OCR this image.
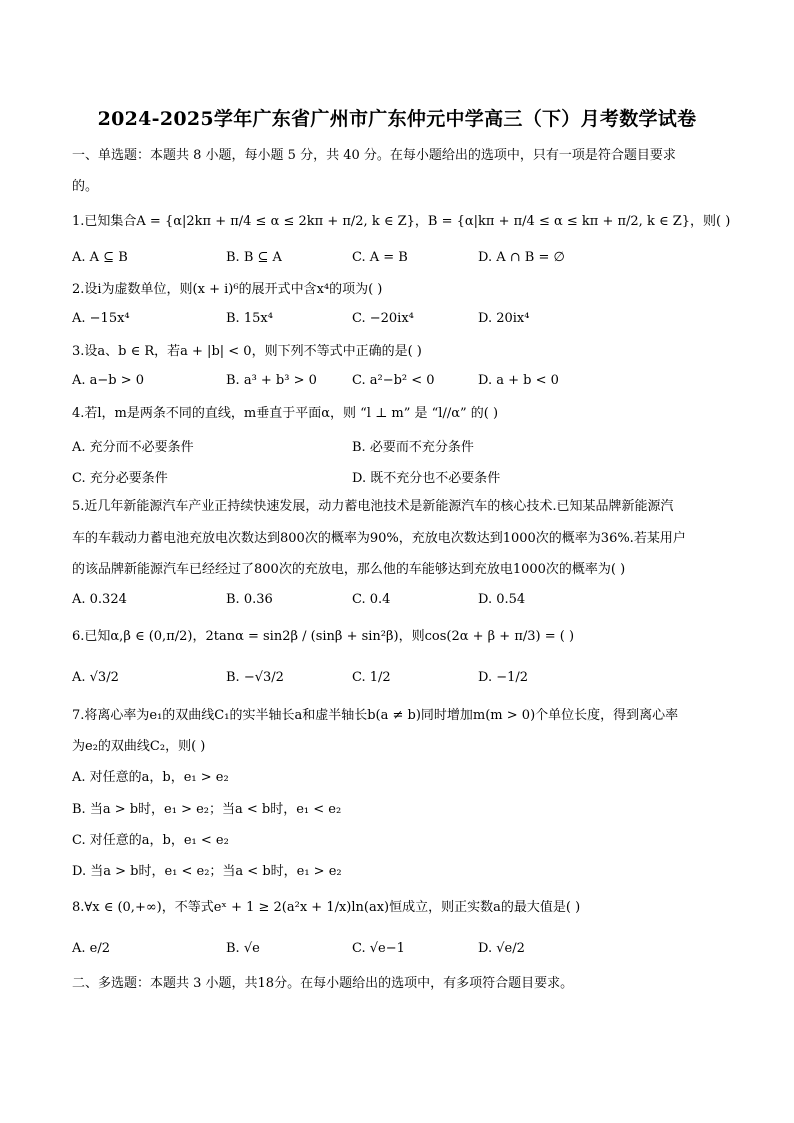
2024-2025学年广东省广州市广东仲元中学高三（下）月考数学试卷
一、单选题：本题共 8 小题，每小题 5 分，共 40 分。在每小题给出的选项中，只有一项是符合题目要求
的。
1.已知集合A = {α|2kπ + π/4 ≤ α ≤ 2kπ + π/2, k ∈ Z}，B = {α|kπ + π/4 ≤ α ≤ kπ + π/2, k ∈ Z}，则( )
A. A ⊆ B	B. B ⊆ A	C. A = B	D. A ∩ B = ∅
2.设i为虚数单位，则(x + i)⁶的展开式中含x⁴的项为( )
A. −15x⁴	B. 15x⁴	C. −20ix⁴	D. 20ix⁴
3.设a、b ∈ R，若a + |b| < 0，则下列不等式中正确的是( )
A. a−b > 0	B. a³ + b³ > 0	C. a²−b² < 0	D. a + b < 0
4.若l，m是两条不同的直线，m垂直于平面α，则 “l ⊥ m” 是 “l//α” 的( )
A. 充分而不必要条件	B. 必要而不充分条件
C. 充分必要条件	D. 既不充分也不必要条件
5.近几年新能源汽车产业正持续快速发展，动力蓄电池技术是新能源汽车的核心技术.已知某品牌新能源汽
车的车载动力蓄电池充放电次数达到800次的概率为90%，充放电次数达到1000次的概率为36%.若某用户
的该品牌新能源汽车已经经过了800次的充放电，那么他的车能够达到充放电1000次的概率为( )
A. 0.324	B. 0.36	C. 0.4	D. 0.54
6.已知α,β ∈ (0,π/2)，2tanα = sin2β / (sinβ + sin²β)，则cos(2α + β + π/3) = ( )
A. √3/2	B. −√3/2	C. 1/2	D. −1/2
7.将离心率为e₁的双曲线C₁的实半轴长a和虚半轴长b(a ≠ b)同时增加m(m > 0)个单位长度，得到离心率
为e₂的双曲线C₂，则( )
A. 对任意的a，b，e₁ > e₂
B. 当a > b时，e₁ > e₂；当a < b时，e₁ < e₂
C. 对任意的a，b，e₁ < e₂
D. 当a > b时，e₁ < e₂；当a < b时，e₁ > e₂
8.∀x ∈ (0,+∞)，不等式eˣ + 1 ≥ 2(a²x + 1/x)ln(ax)恒成立，则正实数a的最大值是( )
A. e/2	B. √e	C. √e−1	D. √e/2
二、多选题：本题共 3 小题，共18分。在每小题给出的选项中，有多项符合题目要求。
